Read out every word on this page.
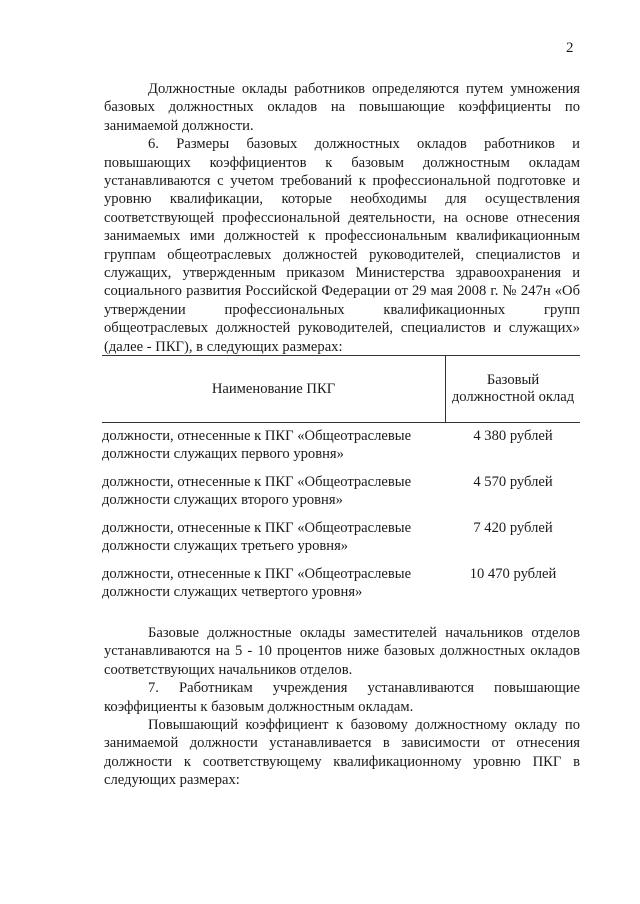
2

Должностные оклады работников определяются путем умножения базовых должностных окладов на повышающие коэффициенты по занимаемой должности.

6. Размеры базовых должностных окладов работников и повышающих коэффициентов к базовым должностным окладам устанавливаются с учетом требований к профессиональной подготовке и уровню квалификации, которые необходимы для осуществления соответствующей профессиональной деятельности, на основе отнесения занимаемых ими должностей к профессиональным квалификационным группам общеотраслевых должностей руководителей, специалистов и служащих, утвержденным приказом Министерства здравоохранения и социального развития Российской Федерации от 29 мая 2008 г. № 247н «Об утверждении профессиональных квалификационных групп общеотраслевых должностей руководителей, специалистов и служащих» (далее - ПКГ), в следующих размерах:

Наименование ПКГ
Базовый должностной оклад
должности, отнесенные к ПКГ «Общеотраслевые должности служащих первого уровня»
4 380 рублей
должности, отнесенные к ПКГ «Общеотраслевые должности служащих второго уровня»
4 570 рублей
должности, отнесенные к ПКГ «Общеотраслевые должности служащих третьего уровня»
7 420 рублей
должности, отнесенные к ПКГ «Общеотраслевые должности служащих четвертого уровня»
10 470 рублей

Базовые должностные оклады заместителей начальников отделов устанавливаются на 5 - 10 процентов ниже базовых должностных окладов соответствующих начальников отделов.

7. Работникам учреждения устанавливаются повышающие коэффициенты к базовым должностным окладам.

Повышающий коэффициент к базовому должностному окладу по занимаемой должности устанавливается в зависимости от отнесения должности к соответствующему квалификационному уровню ПКГ в следующих размерах:
